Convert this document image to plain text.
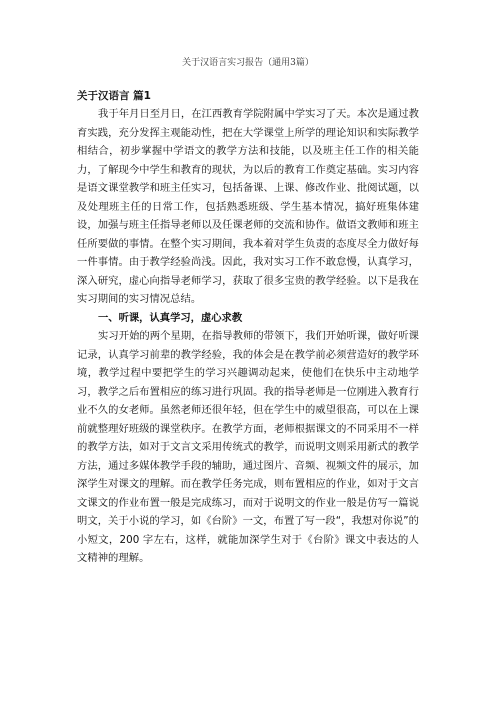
关于汉语言实习报告（通用3篇）
关于汉语言 篇1

我于年月日至月日，在江西教育学院附属中学实习了天。本次是通过教育实践，充分发挥主观能动性，把在大学课堂上所学的理论知识和实际教学相结合，初步掌握中学语文的教学方法和技能，以及班主任工作的相关能力，了解现今中学生和教育的现状，为以后的教育工作奠定基础。实习内容是语文课堂教学和班主任实习，包括备课、上课、修改作业、批阅试题，以及处理班主任的日常工作，包括熟悉班级、学生基本情况，搞好班集体建设，加强与班主任指导老师以及任课老师的交流和协作。做语文教师和班主任所要做的事情。在整个实习期间，我本着对学生负责的态度尽全力做好每一件事情。由于教学经验尚浅。因此，我对实习工作不敢怠慢，认真学习，深入研究，虚心向指导老师学习，获取了很多宝贵的教学经验。以下是我在实习期间的实习情况总结。

一、听课，认真学习，虚心求教

实习开始的两个星期，在指导教师的带领下，我们开始听课，做好听课记录，认真学习前辈的教学经验，我的体会是在教学前必须营造好的教学环境，教学过程中要把学生的学习兴趣调动起来，使他们在快乐中主动地学习，教学之后布置相应的练习进行巩固。我的指导老师是一位刚进入教育行业不久的女老师。虽然老师还很年轻，但在学生中的威望很高，可以在上课前就整理好班级的课堂秩序。在教学方面，老师根据课文的不同采用不一样的教学方法，如对于文言文采用传统式的教学，而说明文则采用新式的教学方法，通过多媒体教学手段的辅助，通过图片、音频、视频文件的展示，加深学生对课文的理解。而在教学任务完成，则布置相应的作业，如对于文言文课文的作业布置一般是完成练习，而对于说明文的作业一般是仿写一篇说明文，关于小说的学习，如《台阶》一文，布置了写一段“，我想对你说”的小短文，200 字左右，这样，就能加深学生对于《台阶》课文中表达的人文精神的理解。
